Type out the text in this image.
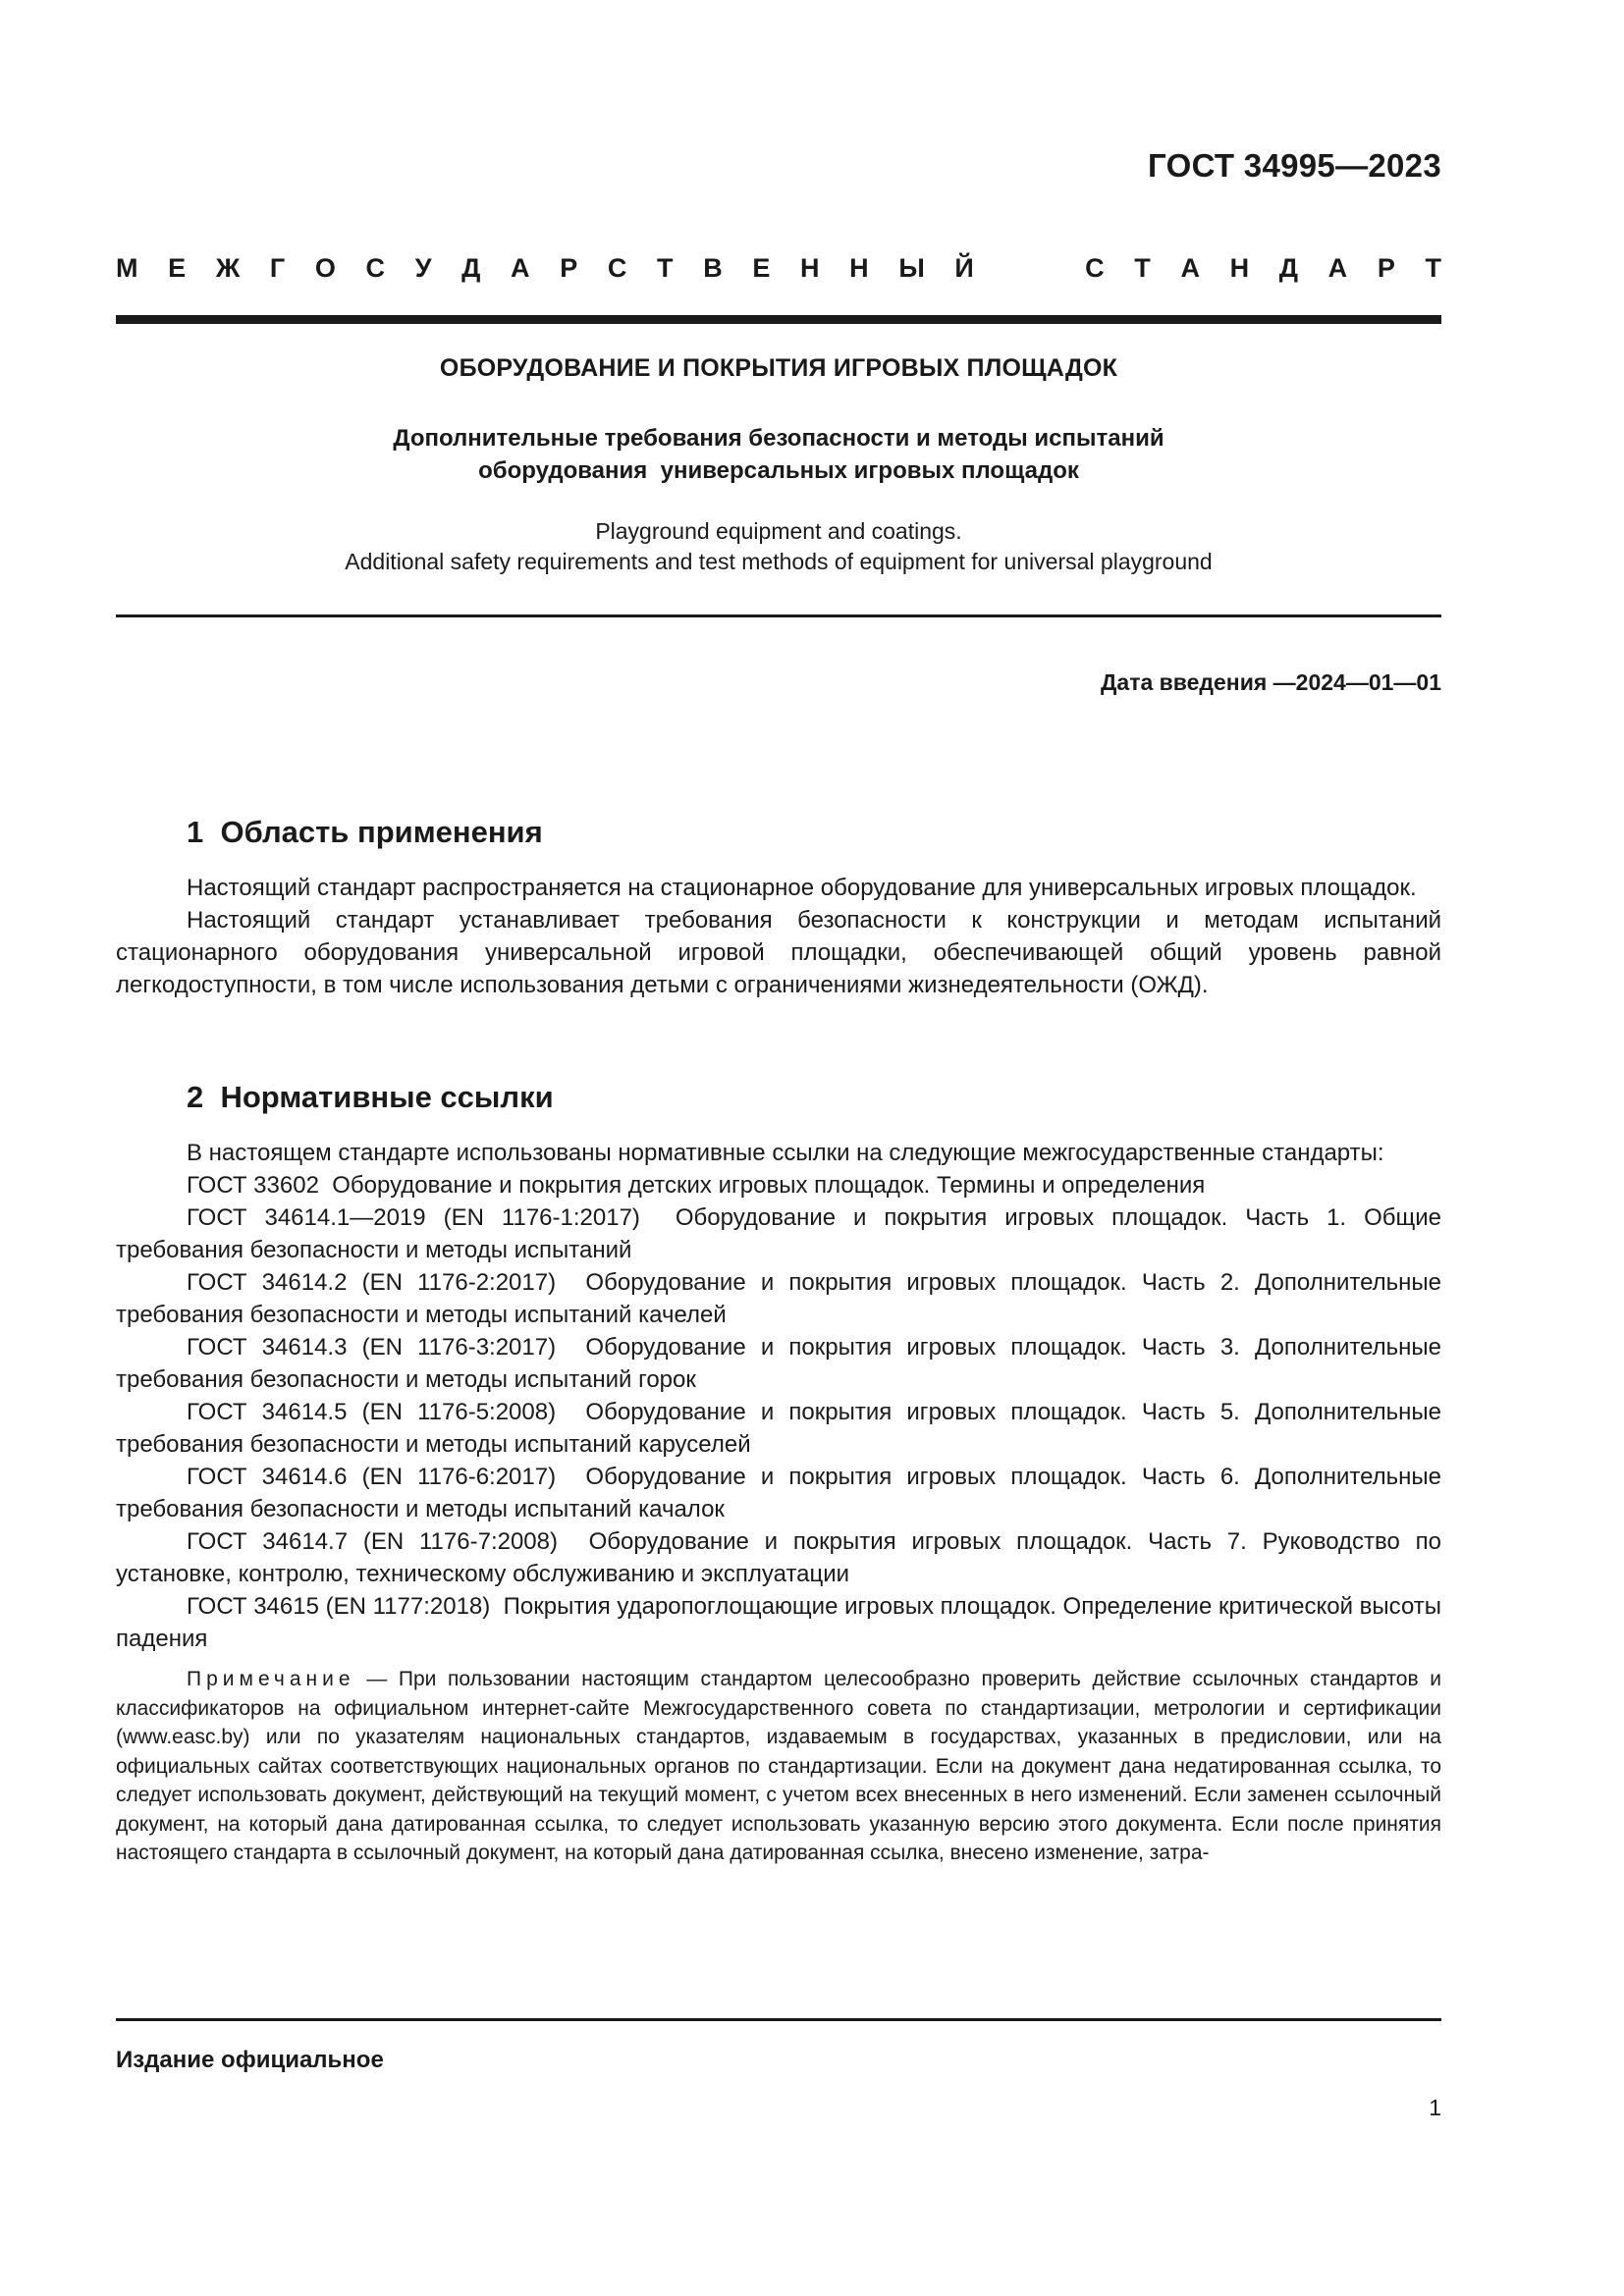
ГОСТ 34995—2023
М Е Ж Г О С У Д А Р С Т В Е Н Н Ы Й	С Т А Н Д А Р Т
ОБОРУДОВАНИЕ И ПОКРЫТИЯ ИГРОВЫХ ПЛОЩАДОК
Дополнительные требования безопасности и методы испытаний
оборудования  универсальных игровых площадок
Playground equipment and coatings.
Additional safety requirements and test methods of equipment for universal playground
Дата введения —2024—01—01
1  Область применения

Настоящий стандарт распространяется на стационарное оборудование для универсальных игровых площадок.

Настоящий стандарт устанавливает требования безопасности к конструкции и методам испытаний стационарного оборудования универсальной игровой площадки, обеспечивающей общий уровень равной легкодоступности, в том числе использования детьми с ограничениями жизнедеятельности (ОЖД).

2  Нормативные ссылки

В настоящем стандарте использованы нормативные ссылки на следующие межгосударственные стандарты:

ГОСТ 33602  Оборудование и покрытия детских игровых площадок. Термины и определения

ГОСТ 34614.1—2019 (EN 1176-1:2017)  Оборудование и покрытия игровых площадок. Часть 1. Общие требования безопасности и методы испытаний

ГОСТ 34614.2 (EN 1176-2:2017)  Оборудование и покрытия игровых площадок. Часть 2. Дополнительные требования безопасности и методы испытаний качелей

ГОСТ 34614.3 (EN 1176-3:2017)  Оборудование и покрытия игровых площадок. Часть 3. Дополнительные требования безопасности и методы испытаний горок

ГОСТ 34614.5 (EN 1176-5:2008)  Оборудование и покрытия игровых площадок. Часть 5. Дополнительные требования безопасности и методы испытаний каруселей

ГОСТ 34614.6 (EN 1176-6:2017)  Оборудование и покрытия игровых площадок. Часть 6. Дополнительные требования безопасности и методы испытаний качалок

ГОСТ 34614.7 (EN 1176-7:2008)  Оборудование и покрытия игровых площадок. Часть 7. Руководство по установке, контролю, техническому обслуживанию и эксплуатации

ГОСТ 34615 (EN 1177:2018)  Покрытия ударопоглощающие игровых площадок. Определение критической высоты падения

Примечание — При пользовании настоящим стандартом целесообразно проверить действие ссылочных стандартов и классификаторов на официальном интернет-сайте Межгосударственного совета по стандартизации, метрологии и сертификации (www.easc.by) или по указателям национальных стандартов, издаваемым в государствах, указанных в предисловии, или на официальных сайтах соответствующих национальных органов по стандартизации. Если на документ дана недатированная ссылка, то следует использовать документ, действующий на текущий момент, с учетом всех внесенных в него изменений. Если заменен ссылочный документ, на который дана датированная ссылка, то следует использовать указанную версию этого документа. Если после принятия настоящего стандарта в ссылочный документ, на который дана датированная ссылка, внесено изменение, затра-

Издание официальное
1
